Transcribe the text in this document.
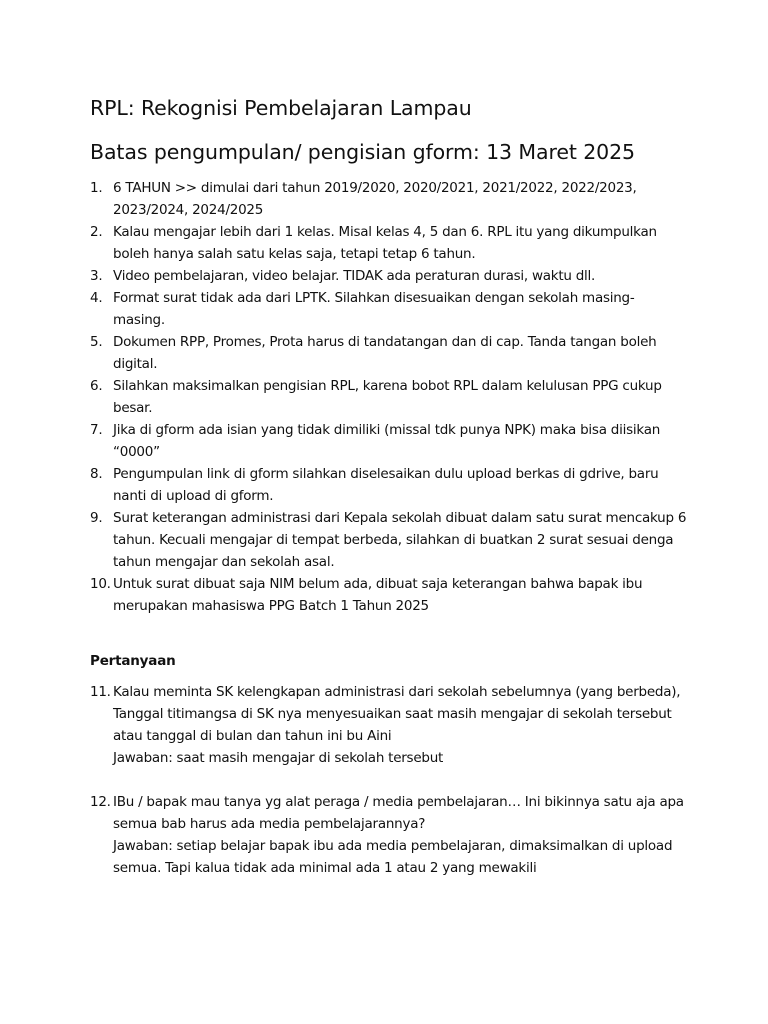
RPL: Rekognisi Pembelajaran Lampau
Batas pengumpulan/ pengisian gform: 13 Maret 2025
1. 6 TAHUN >> dimulai dari tahun 2019/2020, 2020/2021, 2021/2022, 2022/2023,
2023/2024, 2024/2025
2. Kalau mengajar lebih dari 1 kelas. Misal kelas 4, 5 dan 6. RPL itu yang dikumpulkan
boleh hanya salah satu kelas saja, tetapi tetap 6 tahun.
3. Video pembelajaran, video belajar. TIDAK ada peraturan durasi, waktu dll.
4. Format surat tidak ada dari LPTK. Silahkan disesuaikan dengan sekolah masing-
masing.
5. Dokumen RPP, Promes, Prota harus di tandatangan dan di cap. Tanda tangan boleh
digital.
6. Silahkan maksimalkan pengisian RPL, karena bobot RPL dalam kelulusan PPG cukup
besar.
7. Jika di gform ada isian yang tidak dimiliki (missal tdk punya NPK) maka bisa diisikan
“0000”
8. Pengumpulan link di gform silahkan diselesaikan dulu upload berkas di gdrive, baru
nanti di upload di gform.
9. Surat keterangan administrasi dari Kepala sekolah dibuat dalam satu surat mencakup 6
tahun. Kecuali mengajar di tempat berbeda, silahkan di buatkan 2 surat sesuai denga
tahun mengajar dan sekolah asal.
10. Untuk surat dibuat saja NIM belum ada, dibuat saja keterangan bahwa bapak ibu
merupakan mahasiswa PPG Batch 1 Tahun 2025

Pertanyaan

11. Kalau meminta SK kelengkapan administrasi dari sekolah sebelumnya (yang berbeda),
Tanggal titimangsa di SK nya menyesuaikan saat masih mengajar di sekolah tersebut
atau tanggal di bulan dan tahun ini bu Aini
Jawaban: saat masih mengajar di sekolah tersebut
12. IBu / bapak mau tanya yg alat peraga / media pembelajaran… Ini bikinnya satu aja apa
semua bab harus ada media pembelajarannya?
Jawaban: setiap belajar bapak ibu ada media pembelajaran, dimaksimalkan di upload
semua. Tapi kalua tidak ada minimal ada 1 atau 2 yang mewakili
